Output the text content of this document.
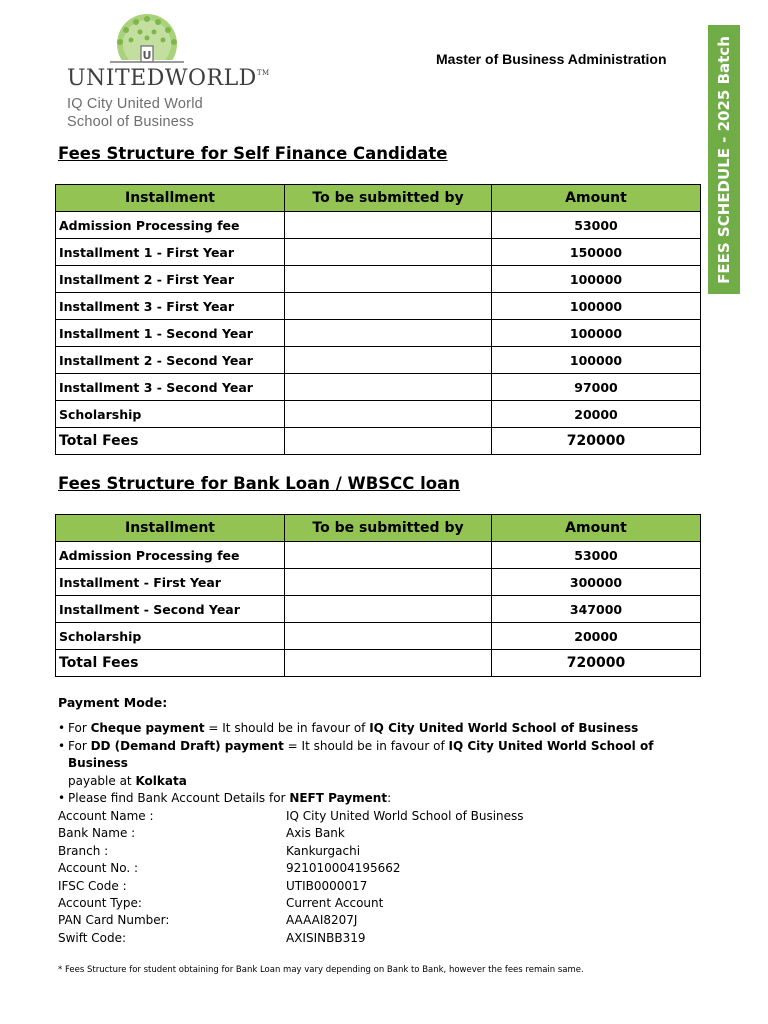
U
UNITEDWORLD™
IQ City United World
School of Business
Master of Business Administration	FEES SCHEDULE - 2025 Batch
Fees Structure for Self Finance Candidate
Installment	To be submitted by	Amount
Admission Processing fee		53000
Installment 1 - First Year		150000
Installment 2 - First Year		100000
Installment 3 - First Year		100000
Installment 1 - Second Year		100000
Installment 2 - Second Year		100000
Installment 3 - Second Year		97000
Scholarship		20000
Total Fees		720000
Fees Structure for Bank Loan / WBSCC loan
Installment	To be submitted by	Amount
Admission Processing fee		53000
Installment - First Year		300000
Installment - Second Year		347000
Scholarship		20000
Total Fees		720000
Payment Mode:
• For Cheque payment = It should be in favour of IQ City United World School of Business
• For DD (Demand Draft) payment = It should be in favour of IQ City United World School of Business
payable at Kolkata
• Please find Bank Account Details for NEFT Payment:
Account Name :	IQ City United World School of Business
Bank Name :	Axis Bank
Branch :	Kankurgachi
Account No. :	921010004195662
IFSC Code :	UTIB0000017
Account Type:	Current Account
PAN Card Number:	AAAAI8207J
Swift Code:	AXISINBB319
* Fees Structure for student obtaining for Bank Loan may vary depending on Bank to Bank, however the fees remain same.
